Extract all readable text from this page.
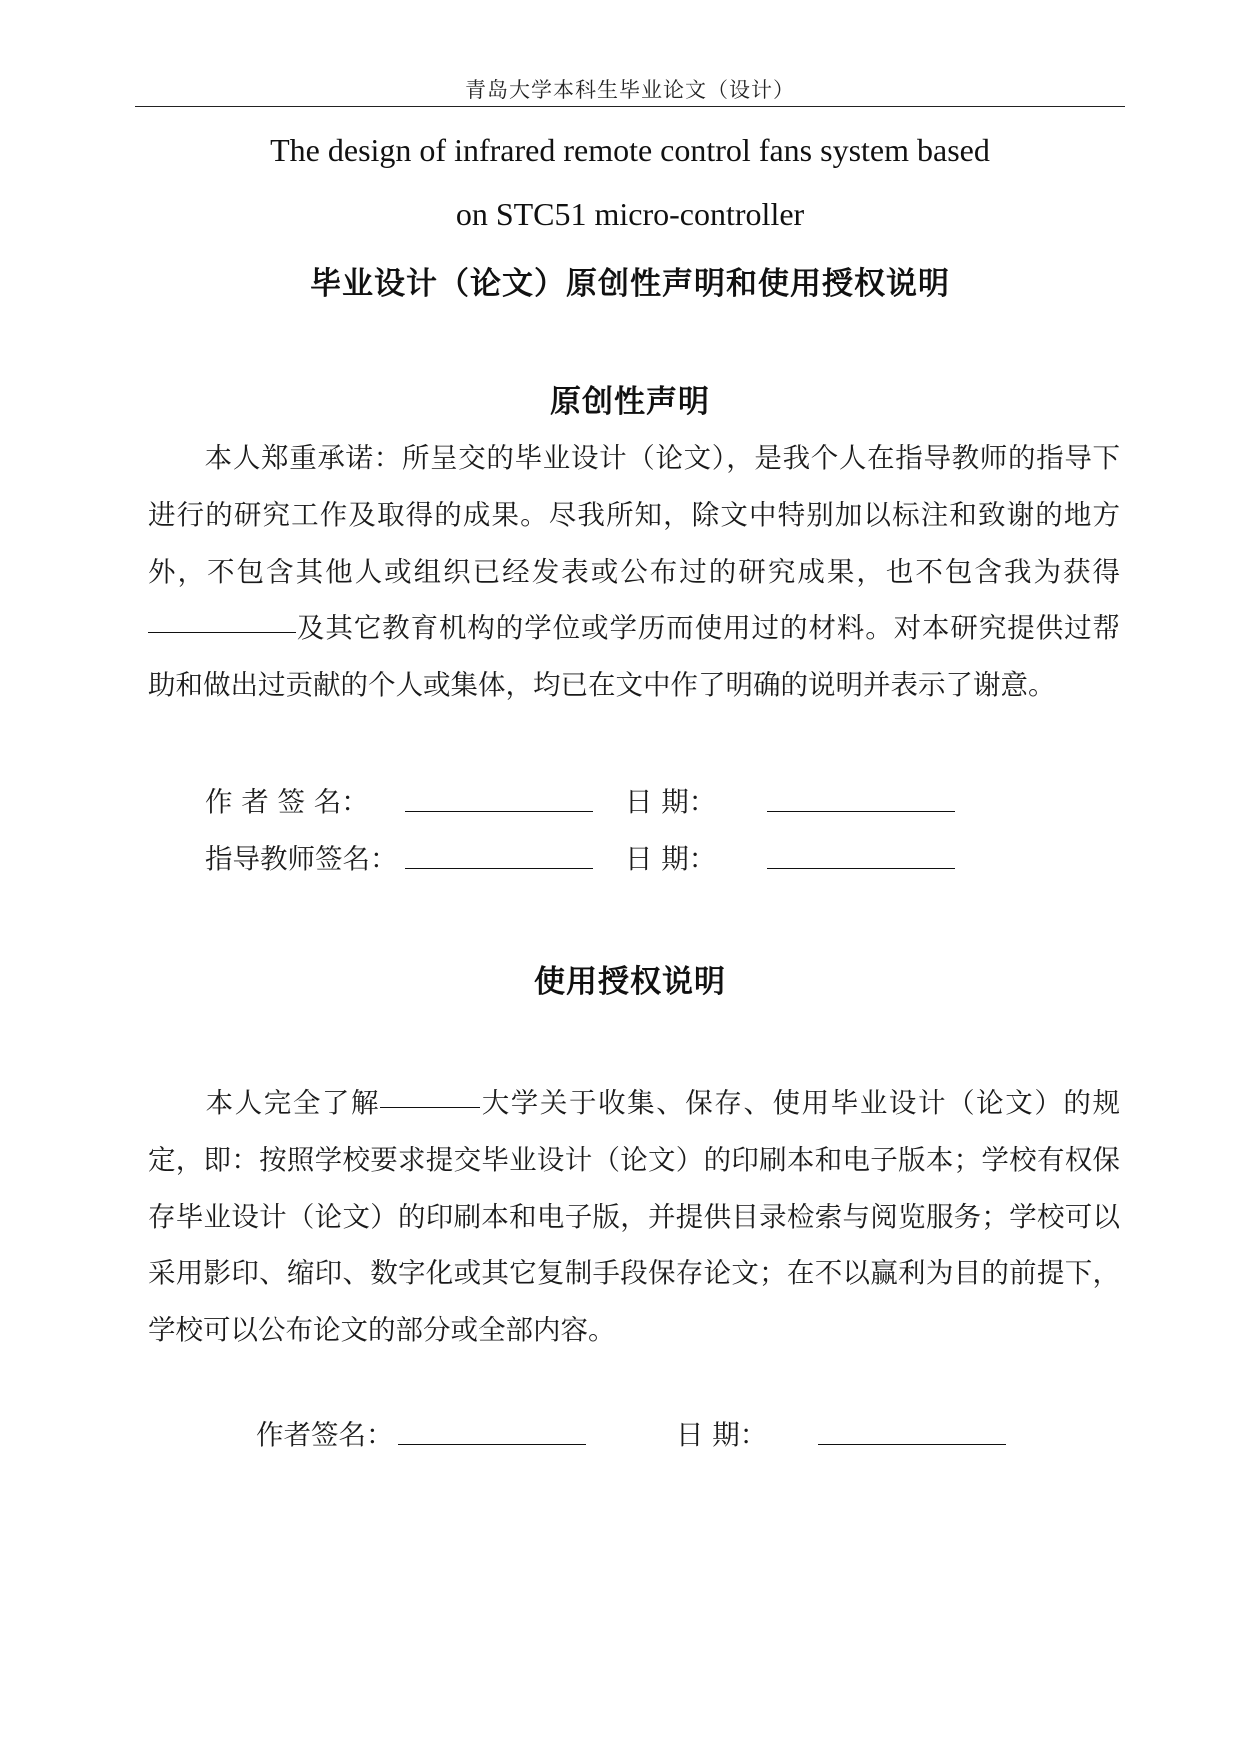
青岛大学本科生毕业论文（设计）
The design of infrared remote control fans system based
on STC51 micro-controller
毕业设计（论文）原创性声明和使用授权说明
原创性声明

本人郑重承诺：所呈交的毕业设计（论文），是我个人在指导教师的指导下进行的研究工作及取得的成果。尽我所知，除文中特别加以标注和致谢的地方外，不包含其他人或组织已经发表或公布过的研究成果，也不包含我为获得及其它教育机构的学位或学历而使用过的材料。对本研究提供过帮助和做出过贡献的个人或集体，均已在文中作了明确的说明并表示了谢意。

作 者 签 名：	日 期：
指导教师签名：	日 期：
使用授权说明

本人完全了解	大学关于收集、保存、使用毕业设计（论文）的规定，即：按照学校要求提交毕业设计（论文）的印刷本和电子版本；学校有权保存毕业设计（论文）的印刷本和电子版，并提供目录检索与阅览服务；学校可以采用影印、缩印、数字化或其它复制手段保存论文；在不以赢利为目的前提下，学校可以公布论文的部分或全部内容。

作者签名：	日 期：
